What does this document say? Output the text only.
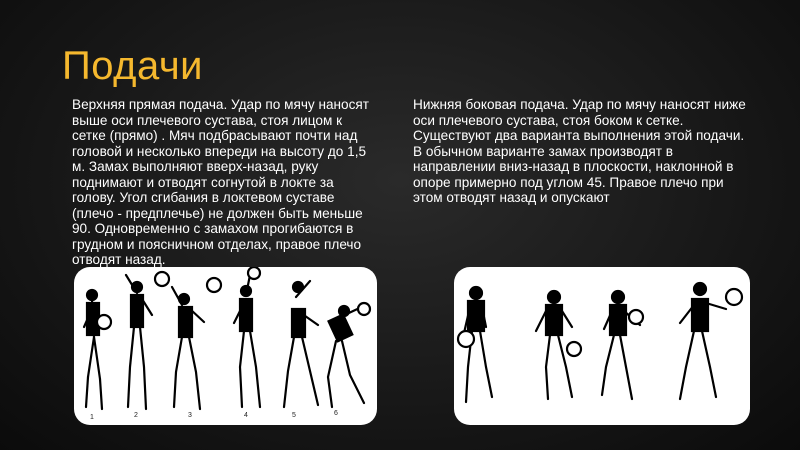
Подачи
Верхняя прямая подача. Удар по мячу наносят выше оси плечевого сустава, стоя лицом к сетке (прямо) . Мяч подбрасывают почти над головой и несколько впереди на высоту до 1,5 м. Замах выполняют вверх-назад, руку поднимают и отводят согнутой в локте за голову. Угол сгибания в локтевом суставе (плечо - предплечье) не должен быть меньше 90. Одновременно с замахом прогибаются в грудном и поясничном отделах, правое плечо отводят назад.
Нижняя боковая подача. Удар по мячу наносят ниже оси плечевого сустава, стоя боком к сетке. Существуют два варианта выполнения этой подачи. В обычном варианте замах производят в направлении вниз-назад в плоскости, наклонной в опоре примерно под углом 45. Правое плечо при этом отводят назад и опускают
1	2	3	4	5	6
